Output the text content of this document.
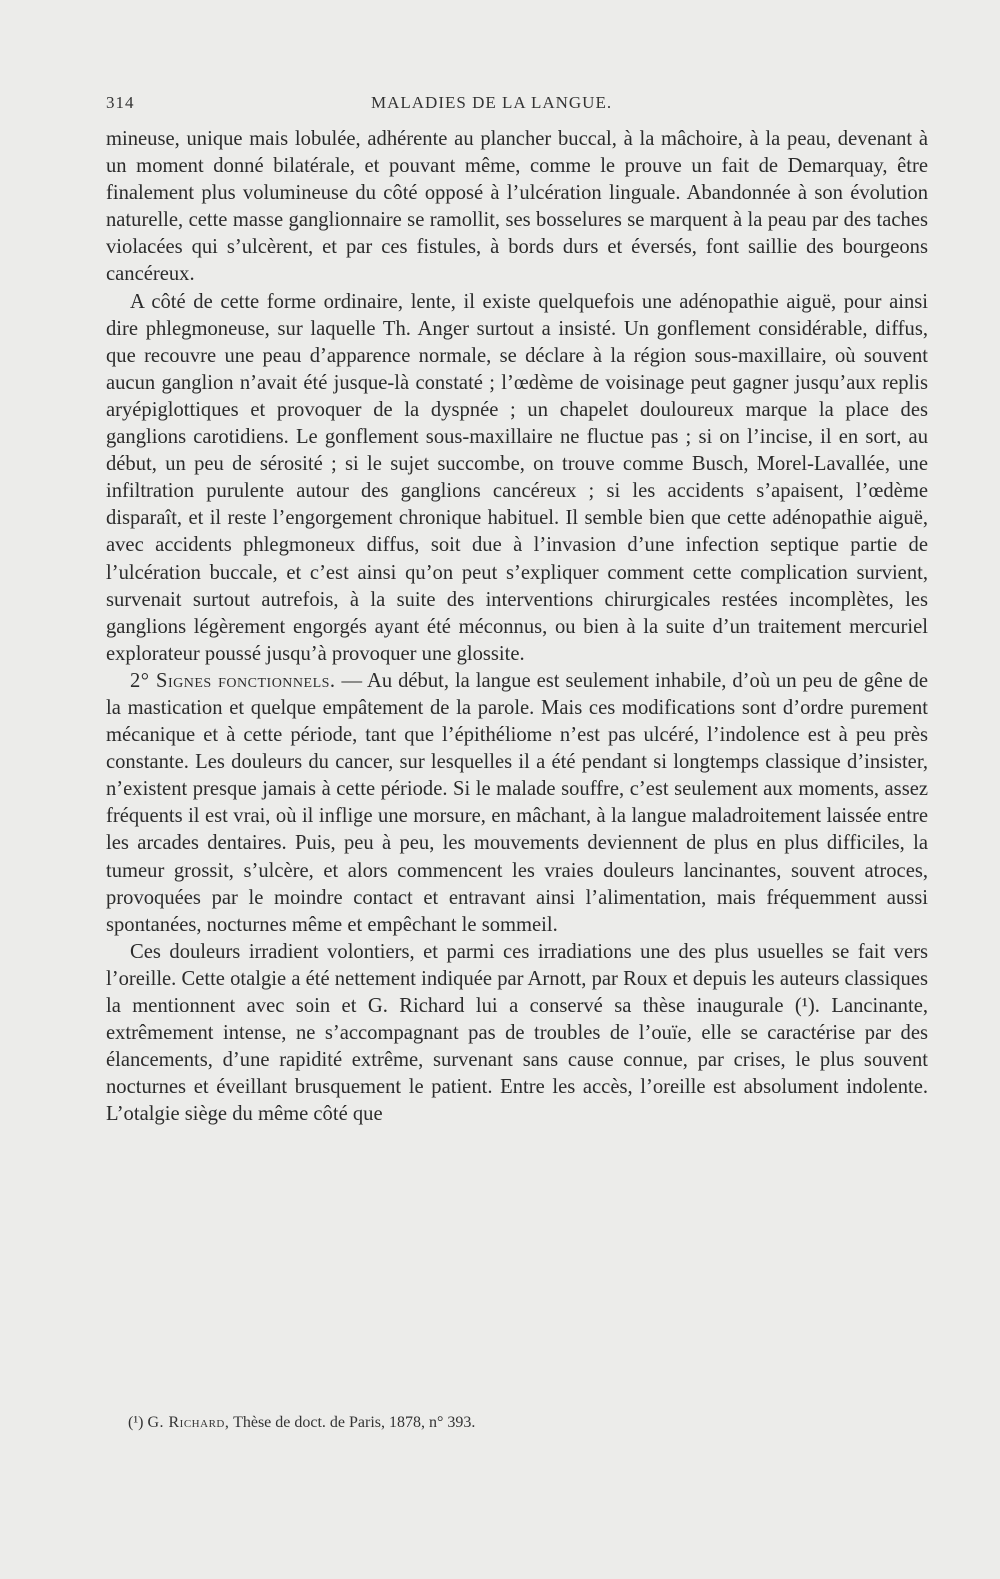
314	MALADIES DE LA LANGUE.

mineuse, unique mais lobulée, adhérente au plancher buccal, à la mâchoire, à la peau, devenant à un moment donné bilatérale, et pouvant même, comme le prouve un fait de Demarquay, être finalement plus volumineuse du côté opposé à l’ulcération linguale. Abandonnée à son évolution naturelle, cette masse ganglionnaire se ramollit, ses bosselures se marquent à la peau par des taches violacées qui s’ulcèrent, et par ces fistules, à bords durs et éversés, font saillie des bourgeons cancéreux.

A côté de cette forme ordinaire, lente, il existe quelquefois une adénopathie aiguë, pour ainsi dire phlegmoneuse, sur laquelle Th. Anger surtout a insisté. Un gonflement considérable, diffus, que recouvre une peau d’apparence normale, se déclare à la région sous-maxillaire, où souvent aucun ganglion n’avait été jusque-là constaté ; l’œdème de voisinage peut gagner jusqu’aux replis aryépiglottiques et provoquer de la dyspnée ; un chapelet douloureux marque la place des ganglions carotidiens. Le gonflement sous-maxillaire ne fluctue pas ; si on l’incise, il en sort, au début, un peu de sérosité ; si le sujet succombe, on trouve comme Busch, Morel-Lavallée, une infiltration purulente autour des ganglions cancéreux ; si les accidents s’apaisent, l’œdème disparaît, et il reste l’engorgement chronique habituel. Il semble bien que cette adénopathie aiguë, avec accidents phlegmoneux diffus, soit due à l’invasion d’une infection septique partie de l’ulcération buccale, et c’est ainsi qu’on peut s’expliquer comment cette complication survient, survenait surtout autrefois, à la suite des interventions chirurgicales restées incomplètes, les ganglions légèrement engorgés ayant été méconnus, ou bien à la suite d’un traitement mercuriel explorateur poussé jusqu’à provoquer une glossite.

2° Signes fonctionnels. — Au début, la langue est seulement inhabile, d’où un peu de gêne de la mastication et quelque empâtement de la parole. Mais ces modifications sont d’ordre purement mécanique et à cette période, tant que l’épithéliome n’est pas ulcéré, l’indolence est à peu près constante. Les douleurs du cancer, sur lesquelles il a été pendant si longtemps classique d’insister, n’existent presque jamais à cette période. Si le malade souffre, c’est seulement aux moments, assez fréquents il est vrai, où il inflige une morsure, en mâchant, à la langue maladroitement laissée entre les arcades dentaires. Puis, peu à peu, les mouvements deviennent de plus en plus difficiles, la tumeur grossit, s’ulcère, et alors commencent les vraies douleurs lancinantes, souvent atroces, provoquées par le moindre contact et entravant ainsi l’alimentation, mais fréquemment aussi spontanées, nocturnes même et empêchant le sommeil.

Ces douleurs irradient volontiers, et parmi ces irradiations une des plus usuelles se fait vers l’oreille. Cette otalgie a été nettement indiquée par Arnott, par Roux et depuis les auteurs classiques la mentionnent avec soin et G. Richard lui a conservé sa thèse inaugurale (¹). Lancinante, extrêmement intense, ne s’accompagnant pas de troubles de l’ouïe, elle se caractérise par des élancements, d’une rapidité extrême, survenant sans cause connue, par crises, le plus souvent nocturnes et éveillant brusquement le patient. Entre les accès, l’oreille est absolument indolente. L’otalgie siège du même côté que

(¹) G. Richard, Thèse de doct. de Paris, 1878, n° 393.
